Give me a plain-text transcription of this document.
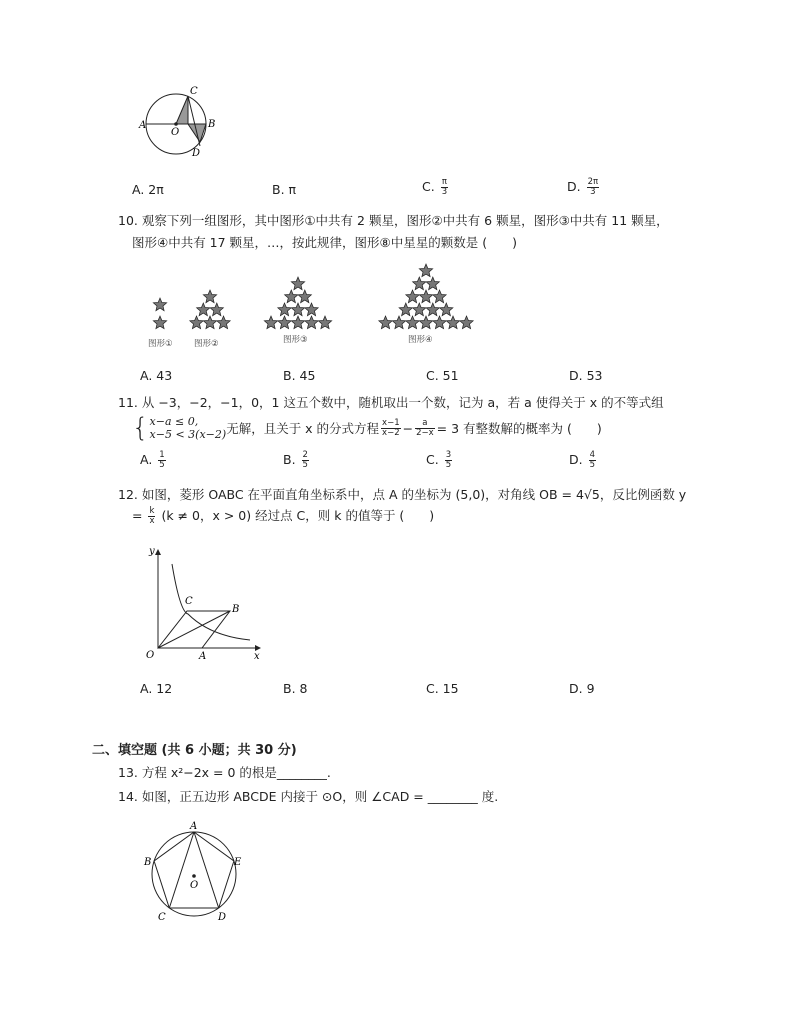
A
C
B
D
O
A. 2π	B. π	C. $\frac{\pi}{3}$	D. $\frac{2\pi}{3}$
10. 观察下列一组图形，其中图形①中共有 2 颗星，图形②中共有 6 颗星，图形③中共有 11 颗星，
图形④中共有 17 颗星，…，按此规律，图形⑧中星星的颗数是 (　　)
图形①	图形②	图形③	图形④
A. 43	B. 45	C. 51	D. 53
11. 从 −3，−2，−1，0，1 这五个数中，随机取出一个数，记为 a，若 a 使得关于 x 的不等式组
{ x−a ≤ 0,
x−5 < 3(x−2) 无解，且关于 x 的分式方程 $\frac{x-1}{x-2} - \frac{a}{2-x} = 3$ 有整数解的概率为 (　　)
A. $\frac{1}{5}$	B. $\frac{2}{5}$	C. $\frac{3}{5}$	D. $\frac{4}{5}$
12. 如图，菱形 OABC 在平面直角坐标系中，点 A 的坐标为 (5,0)，对角线 OB = 4√5，反比例函数 y
= $\frac{k}{x} (k \ne 0$，x > 0) 经过点 C，则 k 的值等于 (　　)
y
x
O	A
B
C
A. 12	B. 8	C. 15	D. 9
二、填空题 (共 6 小题；共 30 分)
13. 方程 x²−2x = 0 的根是________.
14. 如图，正五边形 ABCDE 内接于 ⊙O，则 ∠CAD = ________ 度.
A
B
C	D
E
O
